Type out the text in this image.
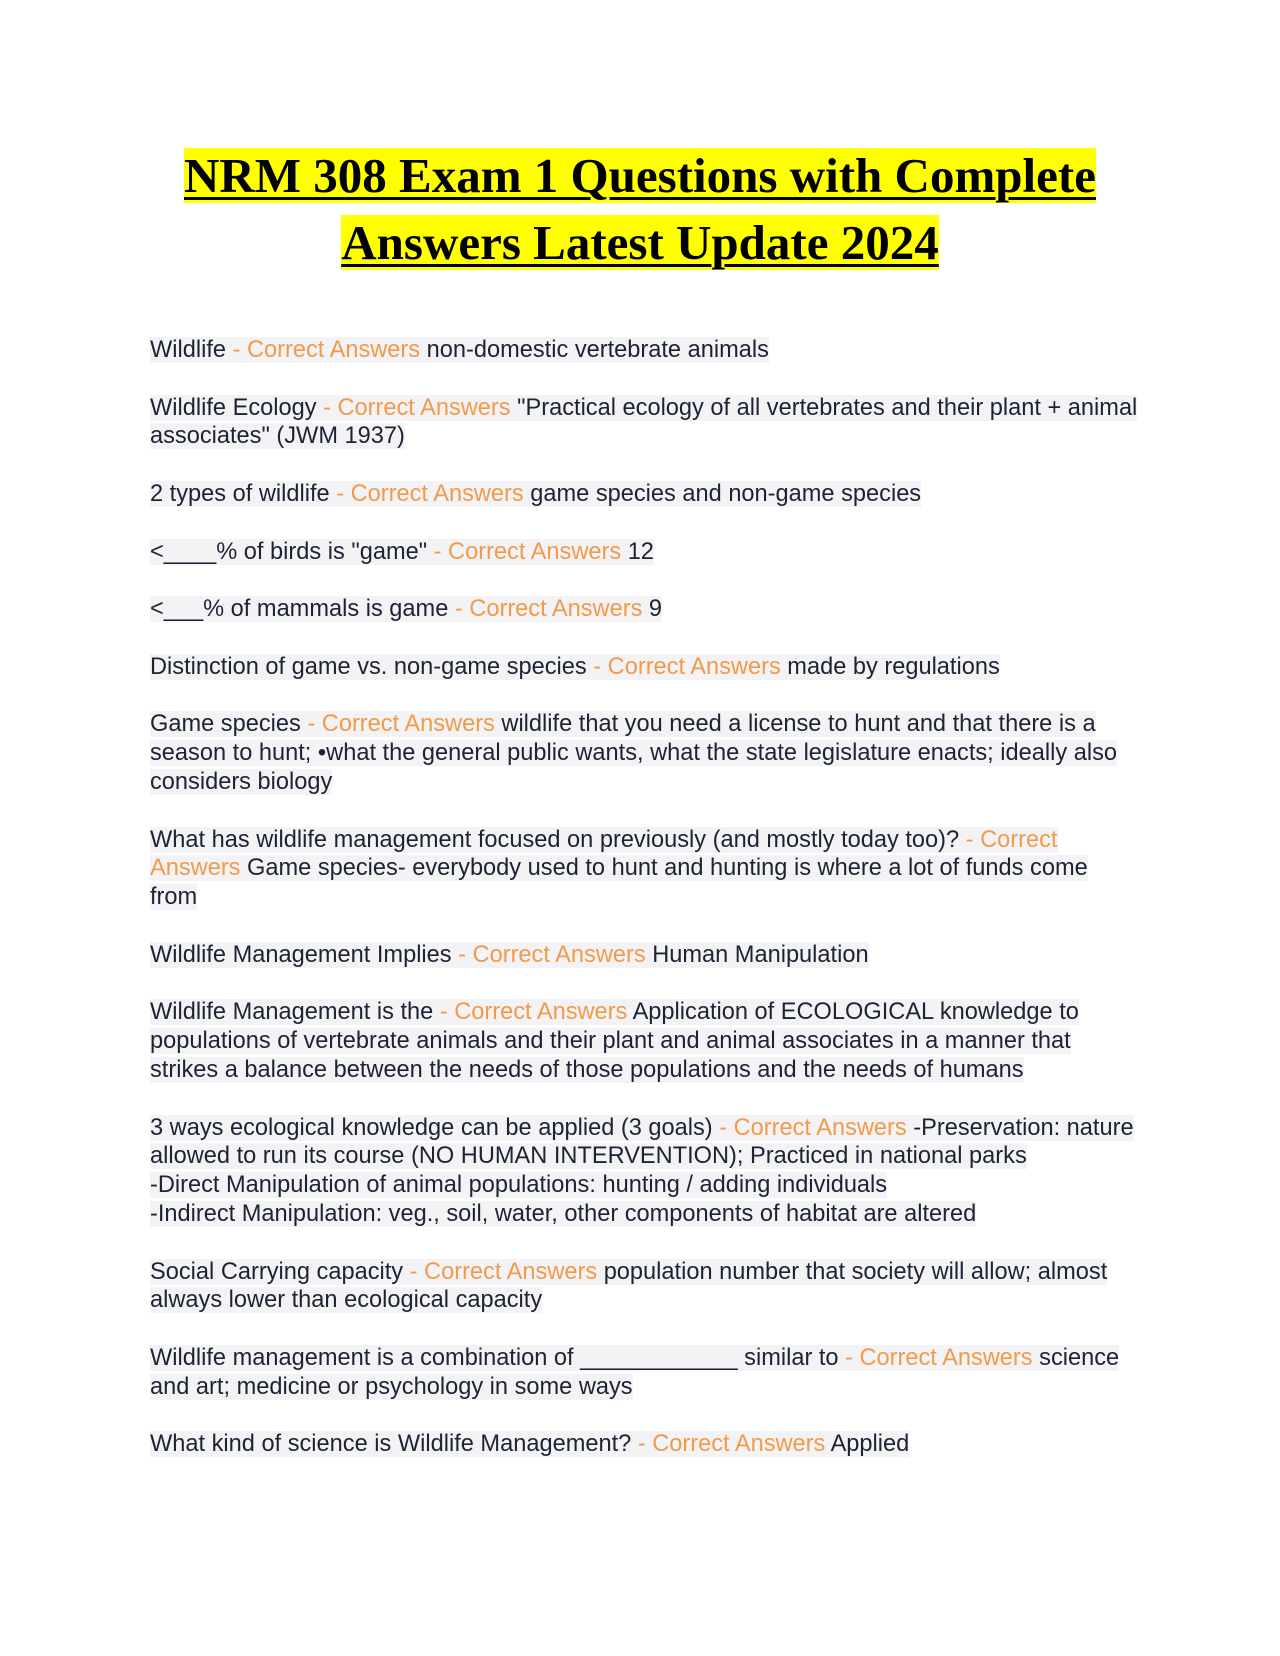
NRM 308 Exam 1 Questions with Complete
Answers Latest Update 2024
Wildlife - Correct Answers non-domestic vertebrate animals
Wildlife Ecology - Correct Answers "Practical ecology of all vertebrates and their plant + animal associates" (JWM 1937)
2 types of wildlife - Correct Answers game species and non-game species
<____% of birds is "game" - Correct Answers 12
<___% of mammals is game - Correct Answers 9
Distinction of game vs. non-game species - Correct Answers made by regulations
Game species - Correct Answers wildlife that you need a license to hunt and that there is a season to hunt; •what the general public wants, what the state legislature enacts; ideally also considers biology
What has wildlife management focused on previously (and mostly today too)? - Correct Answers Game species- everybody used to hunt and hunting is where a lot of funds come from
Wildlife Management Implies - Correct Answers Human Manipulation
Wildlife Management is the - Correct Answers Application of ECOLOGICAL knowledge to populations of vertebrate animals and their plant and animal associates in a manner that strikes a balance between the needs of those populations and the needs of humans
3 ways ecological knowledge can be applied (3 goals) - Correct Answers -Preservation: nature allowed to run its course (NO HUMAN INTERVENTION); Practiced in national parks
-Direct Manipulation of animal populations: hunting / adding individuals
-Indirect Manipulation: veg., soil, water, other components of habitat are altered
Social Carrying capacity - Correct Answers population number that society will allow; almost always lower than ecological capacity
Wildlife management is a combination of ____________ similar to - Correct Answers science and art; medicine or psychology in some ways
What kind of science is Wildlife Management? - Correct Answers Applied
